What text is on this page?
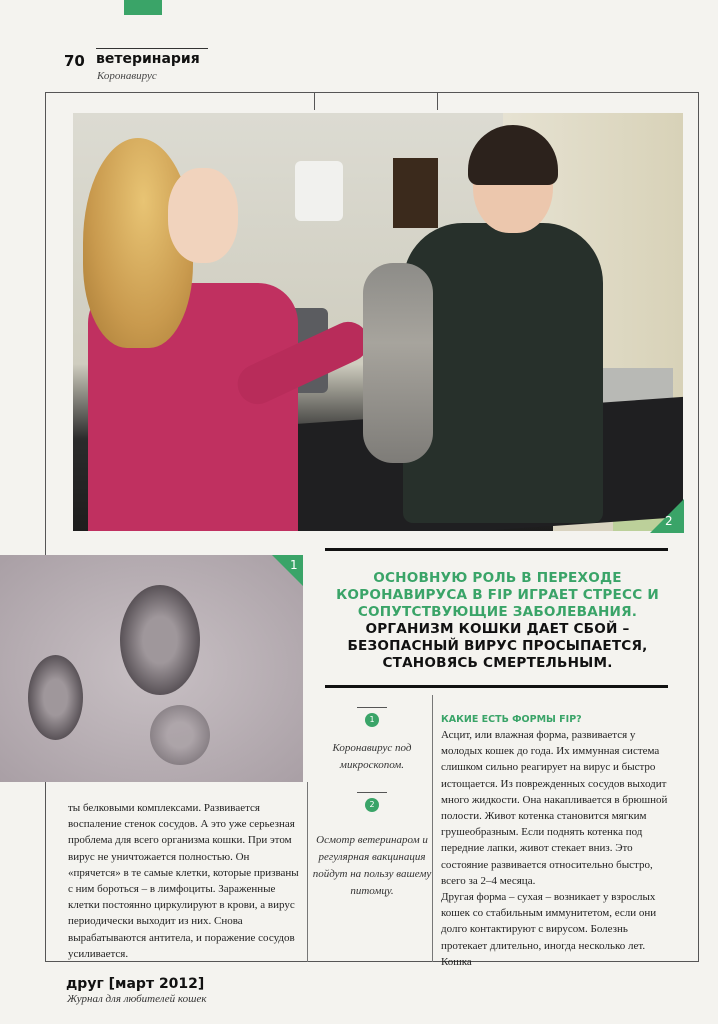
70 ветеринария
Коронавирус
2
1
ОСНОВНУЮ РОЛЬ В ПЕРЕХОДЕ КОРОНАВИРУСА В FIP ИГРАЕТ СТРЕСС И СОПУТСТВУЮЩИЕ ЗАБОЛЕВАНИЯ. ОРГАНИЗМ КОШКИ ДАЕТ СБОЙ – БЕЗОПАСНЫЙ ВИРУС ПРОСЫПАЕТСЯ, СТАНОВЯСЬ СМЕРТЕЛЬНЫМ.

ты белковыми комплексами. Развивается воспаление стенок сосудов. А это уже серьезная проблема для всего организма кошки. При этом вирус не уничтожается полностью. Он «прячется» в те самые клетки, которые призваны с ним бороться – в лимфоциты. Зараженные клетки постоянно циркулируют в крови, а вирус периодически выходит из них. Снова вырабатываются антитела, и поражение сосудов усиливается.

1
Коронавирус под микроскопом.
2
Осмотр ветеринаром и регулярная вакцинация пойдут на пользу вашему питомцу.
КАКИЕ ЕСТЬ ФОРМЫ FIP?

Асцит, или влажная форма, развивается у молодых кошек до года. Их иммунная система слишком сильно реагирует на вирус и быстро истощается. Из поврежденных сосудов выходит много жидкости. Она накапливается в брюшной полости. Живот котенка становится мягким грушеобразным. Если поднять котенка под передние лапки, живот стекает вниз. Это состояние развивается относительно быстро, всего за 2–4 месяца.

Другая форма – сухая – возникает у взрослых кошек со стабильным иммунитетом, если они долго контактируют с вирусом. Болезнь протекает длительно, иногда несколько лет. Кошка

друг [март 2012]
Журнал для любителей кошек
